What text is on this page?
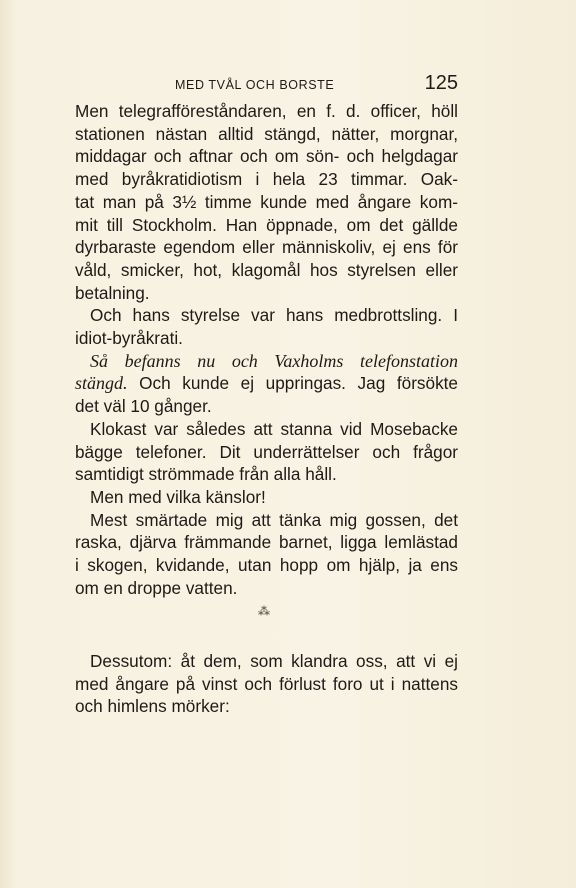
MED TVÅL OCH BORSTE	125
Men telegrafföreståndaren, en f. d. officer, höll
stationen nästan alltid stängd, nätter, morgnar,
middagar och aftnar och om sön- och helgdagar
med byråkratidiotism i hela 23 timmar. Oak-
tat man på 3½ timme kunde med ångare kom-
mit till Stockholm. Han öppnade, om det gällde
dyrbaraste egendom eller människoliv, ej ens för
våld, smicker, hot, klagomål hos styrelsen eller
betalning.
Och hans styrelse var hans medbrottsling. I
idiot-byråkrati.
Så befanns nu och Vaxholms telefonstation
stängd. Och kunde ej uppringas. Jag försökte
det väl 10 gånger.
Klokast var således att stanna vid Mosebacke
bägge telefoner. Dit underrättelser och frågor
samtidigt strömmade från alla håll.
Men med vilka känslor!
Mest smärtade mig att tänka mig gossen, det
raska, djärva främmande barnet, ligga lemlästad
i skogen, kvidande, utan hopp om hjälp, ja ens
om en droppe vatten.
⁂
Dessutom: åt dem, som klandra oss, att vi ej
med ångare på vinst och förlust foro ut i nattens
och himlens mörker:
